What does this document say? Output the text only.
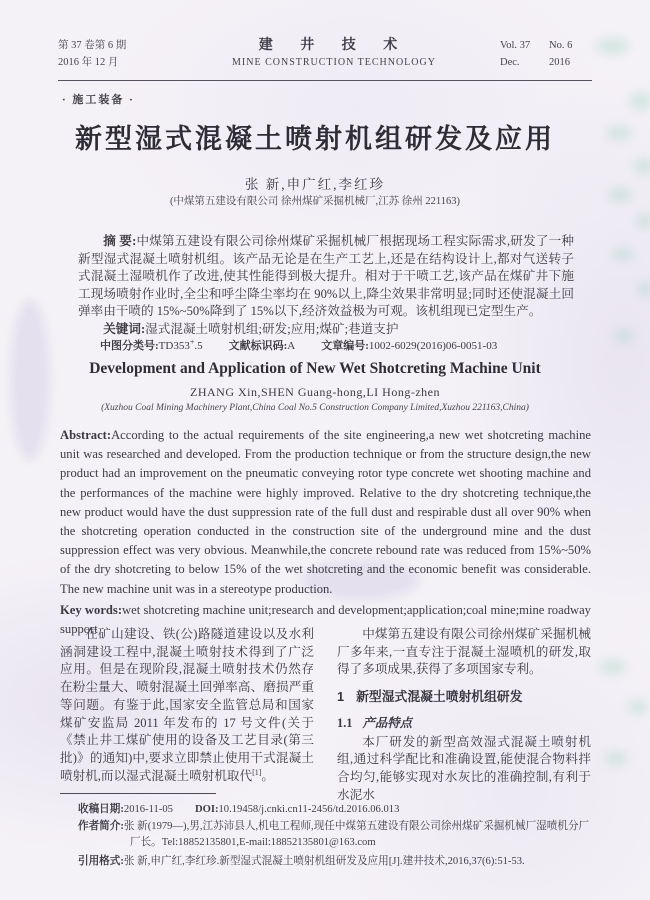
第 37 卷第 6 期
2016 年 12 月
建 井 技 术
MINE CONSTRUCTION TECHNOLOGY
Vol. 37	No. 6
Dec.	2016
· 施工装备 ·
新型湿式混凝土喷射机组研发及应用
张 新,申广红,李红珍
(中煤第五建设有限公司 徐州煤矿采掘机械厂,江苏 徐州 221163)

摘 要:中煤第五建设有限公司徐州煤矿采掘机械厂根据现场工程实际需求,研发了一种新型湿式混凝土喷射机组。该产品无论是在生产工艺上,还是在结构设计上,都对气送转子式混凝土湿喷机作了改进,使其性能得到极大提升。相对于干喷工艺,该产品在煤矿井下施工现场喷射作业时,全尘和呼尘降尘率均在 90%以上,降尘效果非常明显;同时还使混凝土回弹率由干喷的 15%~50%降到了 15%以下,经济效益极为可观。该机组现已定型生产。

关键词:湿式混凝土喷射机组;研发;应用;煤矿;巷道支护

中图分类号:TD353+.5 文献标识码:A 文章编号:1002-6029(2016)06-0051-03
Development and Application of New Wet Shotcreting Machine Unit
ZHANG Xin,SHEN Guang-hong,LI Hong-zhen
(Xuzhou Coal Mining Machinery Plant,China Coal No.5 Construction Company Limited,Xuzhou 221163,China)

Abstract:According to the actual requirements of the site engineering,a new wet shotcreting machine unit was researched and developed. From the production technique or from the structure design,the new product had an improvement on the pneumatic conveying rotor type concrete wet shooting machine and the performances of the machine were highly improved. Relative to the dry shotcreting technique,the new product would have the dust suppression rate of the full dust and respirable dust all over 90% when the shotcreting operation conducted in the construction site of the underground mine and the dust suppression effect was very obvious. Meanwhile,the concrete rebound rate was reduced from 15%~50% of the dry shotcreting to below 15% of the wet shotcreting and the economic benefit was considerable. The new machine unit was in a stereotype production.

Key words:wet shotcreting machine unit;research and development;application;coal mine;mine roadway support

在矿山建设、铁(公)路隧道建设以及水利涵洞建设工程中,混凝土喷射技术得到了广泛应用。但是在现阶段,混凝土喷射技术仍然存在粉尘量大、喷射混凝土回弹率高、磨损严重等问题。有鉴于此,国家安全监管总局和国家煤矿安监局 2011 年发布的 17 号文件(关于《禁止井工煤矿使用的设备及工艺目录(第三批)》的通知)中,要求立即禁止使用干式混凝土喷射机,而以湿式混凝土喷射机取代[1]。

中煤第五建设有限公司徐州煤矿采掘机械厂多年来,一直专注于混凝土湿喷机的研发,取得了多项成果,获得了多项国家专利。

1 新型湿式混凝土喷射机组研发
1.1 产品特点

本厂研发的新型高效湿式混凝土喷射机组,通过科学配比和准确设置,能使混合物料拌合均匀,能够实现对水灰比的准确控制,有利于水泥水

收稿日期:2016-11-05 DOI:10.19458/j.cnki.cn11-2456/td.2016.06.013
作者简介:张 新(1979—),男,江苏沛县人,机电工程师,现任中煤第五建设有限公司徐州煤矿采掘机械厂湿喷机分厂厂长。Tel:18852135801,E-mail:18852135801@163.com
引用格式:张 新,申广红,李红珍.新型湿式混凝土喷射机组研发及应用[J].建井技术,2016,37(6):51-53.
